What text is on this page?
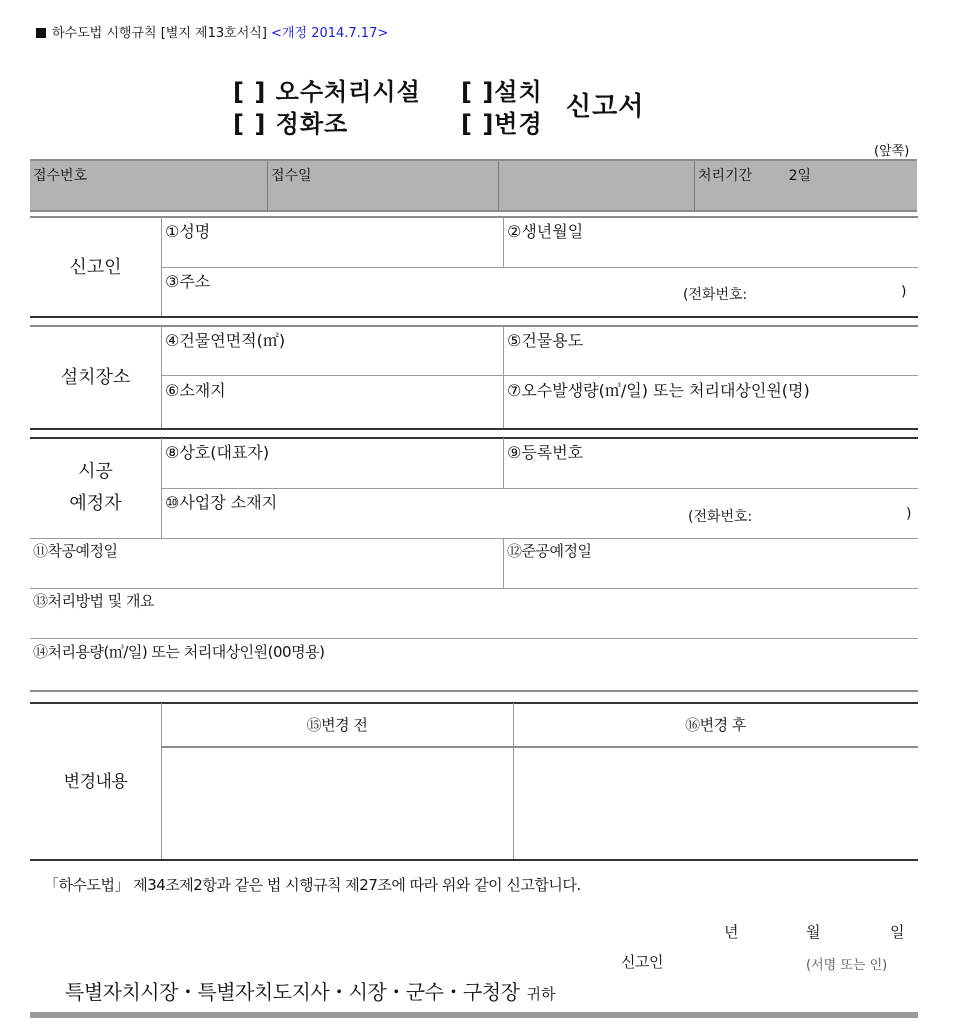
하수도법 시행규칙 [별지 제13호서식] <개정 2014.7.17>
[ ] 오수처리시설 [ ]설치
[ ] 정화조	[ ]변경
신고서
(앞쪽)
접수번호	접수일	처리기간	2일
신고인
①성명	②생년월일
③주소
(전화번호:	)
설치장소
④건물연면적(㎡)	⑤건물용도
⑥소재지	⑦오수발생량(㎥/일) 또는 처리대상인원(명)
시공
예정자
⑧상호(대표자)	⑨등록번호
⑩사업장 소재지
(전화번호:	)
⑪착공예정일	⑫준공예정일
⑬처리방법 및 개요
⑭처리용량(㎥/일) 또는 처리대상인원(00명용)
변경내용
⑮변경 전	⑯변경 후
「하수도법」 제34조제2항과 같은 법 시행규칙 제27조에 따라 위와 같이 신고합니다.
년	월	일
신고인	(서명 또는 인)
특별자치시장・특별자치도지사・시장・군수・구청장 귀하
